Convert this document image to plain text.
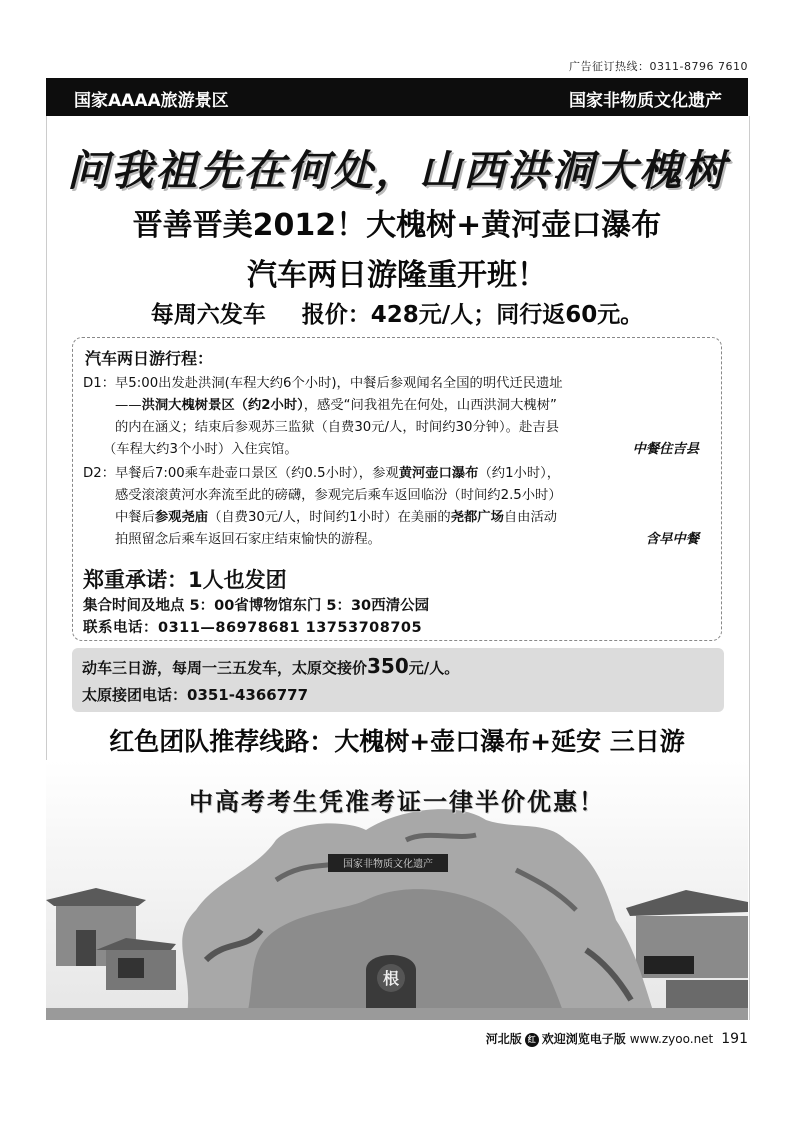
广告征订热线：0311-8796 7610
国家AAAA旅游景区	国家非物质文化遗产
国家非物质文化遗产
根
问我祖先在何处，山西洪洞大槐树
晋善晋美2012！大槐树+黄河壶口瀑布
汽车两日游隆重开班！
每周六发车 报价：428元/人；同行返60元。
汽车两日游行程：
D1：早5:00出发赴洪洞(车程大约6个小时)，中餐后参观闻名全国的明代迁民遗址
——洪洞大槐树景区（约2小时），感受“问我祖先在何处，山西洪洞大槐树”
的内在涵义；结束后参观苏三监狱（自费30元/人，时间约30分钟）。赴吉县
（车程大约3个小时）入住宾馆。	中餐住吉县
D2：早餐后7:00乘车赴壶口景区（约0.5小时），参观黄河壶口瀑布（约1小时），
感受滚滚黄河水奔流至此的磅礴，参观完后乘车返回临汾（时间约2.5小时）
中餐后参观尧庙（自费30元/人，时间约1小时）在美丽的尧都广场自由活动
拍照留念后乘车返回石家庄结束愉快的游程。	含早中餐
郑重承诺：1人也发团
集合时间及地点 5：00省博物馆东门 5：30西清公园
联系电话：0311—86978681 13753708705
动车三日游，每周一三五发车，太原交接价350元/人。
太原接团电话：0351-4366777
红色团队推荐线路：大槐树+壶口瀑布+延安 三日游
中高考考生凭准考证一律半价优惠！
河北版 红 欢迎浏览电子版 www.zyoo.net 191
